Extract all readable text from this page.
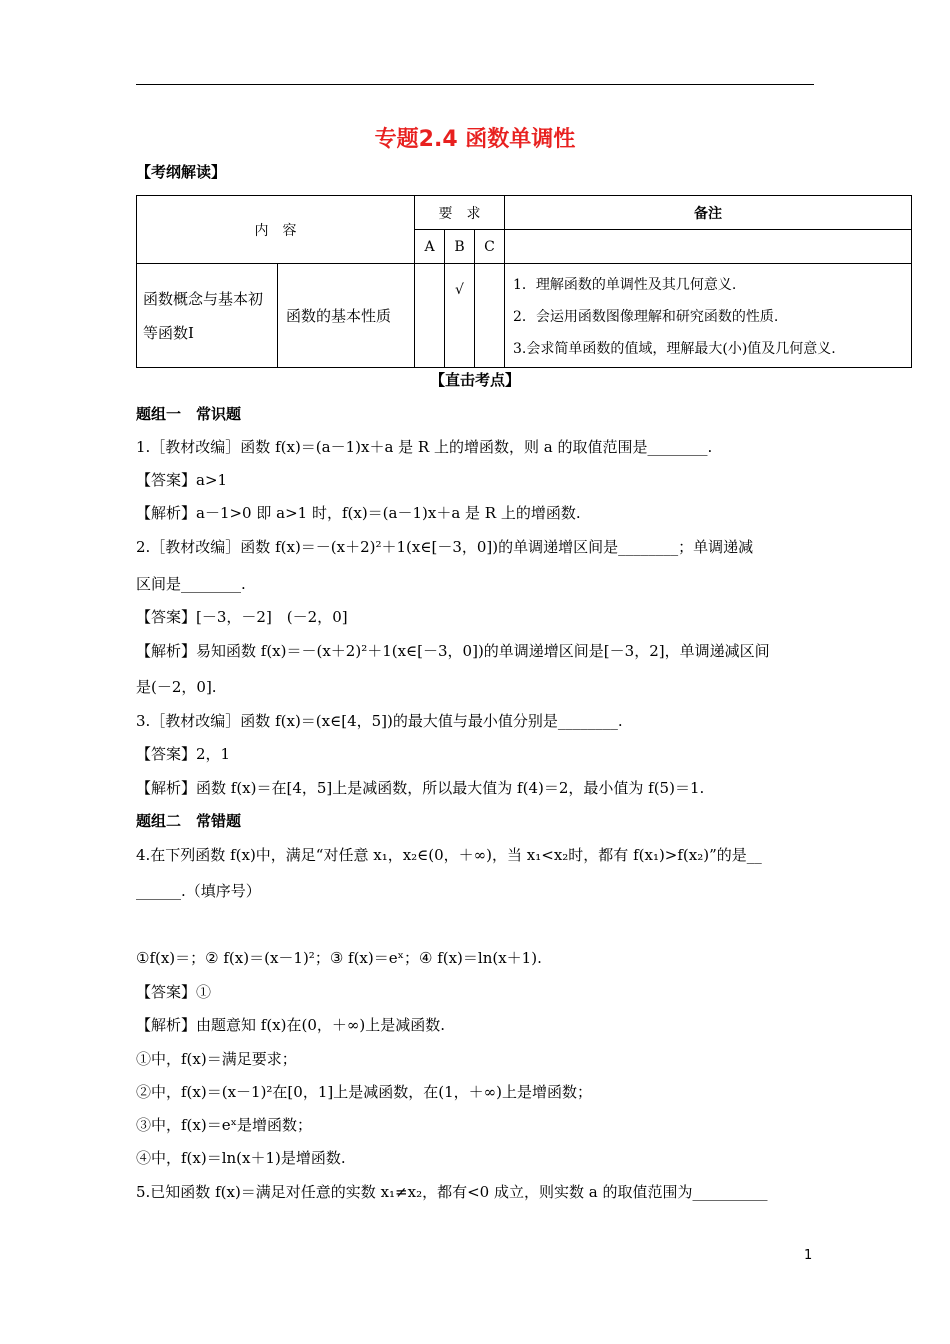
专题2.4 函数单调性
【考纲解读】
内　容		要　求			备注
		A	B	C	
函数概念与基本初等函数Ⅰ	函数的基本性质		√		1．理解函数的单调性及其几何意义.
2．会运用函数图像理解和研究函数的性质.
3.会求简单函数的值域，理解最大(小)值及几何意义.
【直击考点】
题组一　常识题
1.［教材改编］函数 f(x)＝(a－1)x＋a 是 R 上的增函数，则 a 的取值范围是________.
【答案】a>1
【解析】a－1>0 即 a>1 时，f(x)＝(a－1)x＋a 是 R 上的增函数.
2.［教材改编］函数 f(x)＝－(x＋2)²＋1(x∈[－3，0])的单调递增区间是________；单调递减
区间是________.
【答案】[－3，－2]　(－2，0]
【解析】易知函数 f(x)＝－(x＋2)²＋1(x∈[－3，0])的单调递增区间是[－3，2]，单调递减区间
是(－2，0].
3.［教材改编］函数 f(x)＝(x∈[4，5])的最大值与最小值分别是________.
【答案】2，1
【解析】函数 f(x)＝在[4，5]上是减函数，所以最大值为 f(4)＝2，最小值为 f(5)＝1.
题组二　常错题
4.在下列函数 f(x)中，满足“对任意 x₁，x₂∈(0，＋∞)，当 x₁<x₂时，都有 f(x₁)>f(x₂)”的是__
______.（填序号）
①f(x)＝；② f(x)＝(x－1)²；③ f(x)＝eˣ；④ f(x)＝ln(x＋1).
【答案】①
【解析】由题意知 f(x)在(0，＋∞)上是减函数.
①中，f(x)＝满足要求；
②中，f(x)＝(x－1)²在[0，1]上是减函数，在(1，＋∞)上是增函数；
③中，f(x)＝eˣ是增函数；
④中，f(x)＝ln(x＋1)是增函数.
5.已知函数 f(x)＝满足对任意的实数 x₁≠x₂，都有<0 成立，则实数 a 的取值范围为__________
1
